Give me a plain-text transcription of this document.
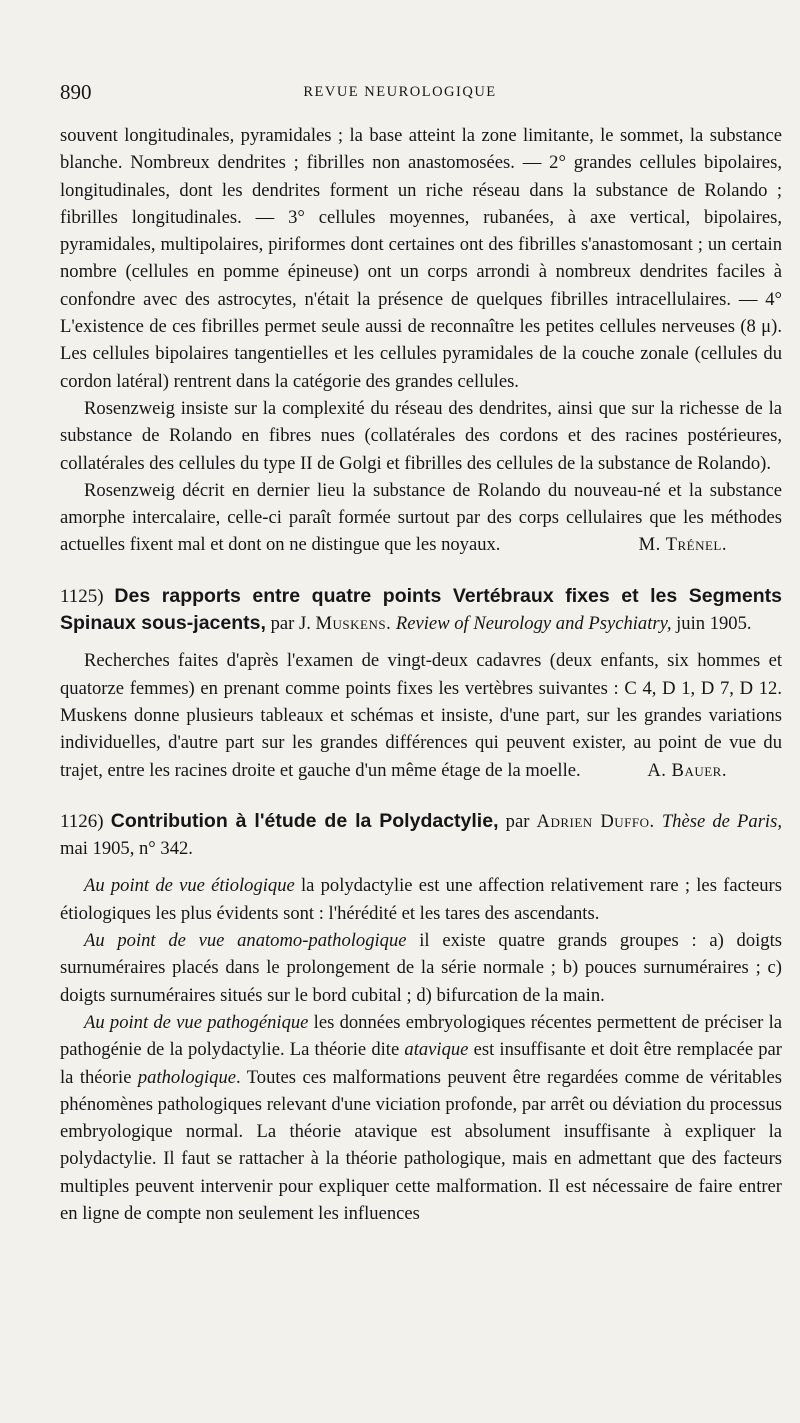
890	REVUE NEUROLOGIQUE

souvent longitudinales, pyramidales ; la base atteint la zone limitante, le sommet, la substance blanche. Nombreux dendrites ; fibrilles non anastomosées. — 2° grandes cellules bipolaires, longitudinales, dont les dendrites forment un riche réseau dans la substance de Rolando ; fibrilles longitudinales. — 3° cellules moyennes, rubanées, à axe vertical, bipolaires, pyramidales, multipolaires, piriformes dont certaines ont des fibrilles s'anastomosant ; un certain nombre (cellules en pomme épineuse) ont un corps arrondi à nombreux dendrites faciles à confondre avec des astrocytes, n'était la présence de quelques fibrilles intracellulaires. — 4° L'existence de ces fibrilles permet seule aussi de reconnaître les petites cellules nerveuses (8 μ). Les cellules bipolaires tangentielles et les cellules pyramidales de la couche zonale (cellules du cordon latéral) rentrent dans la catégorie des grandes cellules.

Rosenzweig insiste sur la complexité du réseau des dendrites, ainsi que sur la richesse de la substance de Rolando en fibres nues (collatérales des cordons et des racines postérieures, collatérales des cellules du type II de Golgi et fibrilles des cellules de la substance de Rolando).

Rosenzweig décrit en dernier lieu la substance de Rolando du nouveau-né et la substance amorphe intercalaire, celle-ci paraît formée surtout par des corps cellulaires que les méthodes actuelles fixent mal et dont on ne distingue que les noyaux.	M. Trénel.

1125) Des rapports entre quatre points Vertébraux fixes et les Segments Spinaux sous-jacents, par J. Muskens. Review of Neurology and Psychiatry, juin 1905.

Recherches faites d'après l'examen de vingt-deux cadavres (deux enfants, six hommes et quatorze femmes) en prenant comme points fixes les vertèbres suivantes : C 4, D 1, D 7, D 12. Muskens donne plusieurs tableaux et schémas et insiste, d'une part, sur les grandes variations individuelles, d'autre part sur les grandes différences qui peuvent exister, au point de vue du trajet, entre les racines droite et gauche d'un même étage de la moelle.	A. Bauer.

1126) Contribution à l'étude de la Polydactylie, par Adrien Duffo. Thèse de Paris, mai 1905, n° 342.

Au point de vue étiologique la polydactylie est une affection relativement rare ; les facteurs étiologiques les plus évidents sont : l'hérédité et les tares des ascendants.

Au point de vue anatomo-pathologique il existe quatre grands groupes : a) doigts surnuméraires placés dans le prolongement de la série normale ; b) pouces surnuméraires ; c) doigts surnuméraires situés sur le bord cubital ; d) bifurcation de la main.

Au point de vue pathogénique les données embryologiques récentes permettent de préciser la pathogénie de la polydactylie. La théorie dite atavique est insuffisante et doit être remplacée par la théorie pathologique. Toutes ces malformations peuvent être regardées comme de véritables phénomènes pathologiques relevant d'une viciation profonde, par arrêt ou déviation du processus embryologique normal. La théorie atavique est absolument insuffisante à expliquer la polydactylie. Il faut se rattacher à la théorie pathologique, mais en admettant que des facteurs multiples peuvent intervenir pour expliquer cette malformation. Il est nécessaire de faire entrer en ligne de compte non seulement les influences
